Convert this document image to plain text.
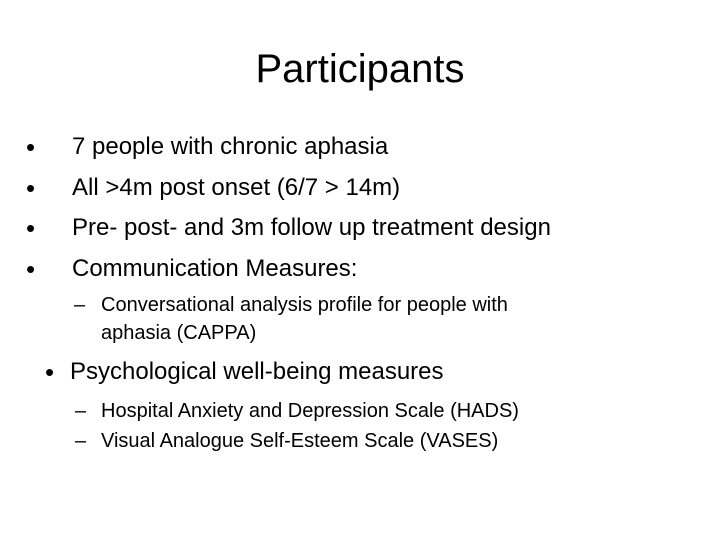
Participants
• 7 people with chronic aphasia
• All >4m post onset (6/7 > 14m)
• Pre- post- and 3m follow up treatment design
• Communication Measures:
– Conversational analysis profile for people with
aphasia (CAPPA)
• Psychological well-being measures
– Hospital Anxiety and Depression Scale (HADS)
– Visual Analogue Self-Esteem Scale (VASES)
